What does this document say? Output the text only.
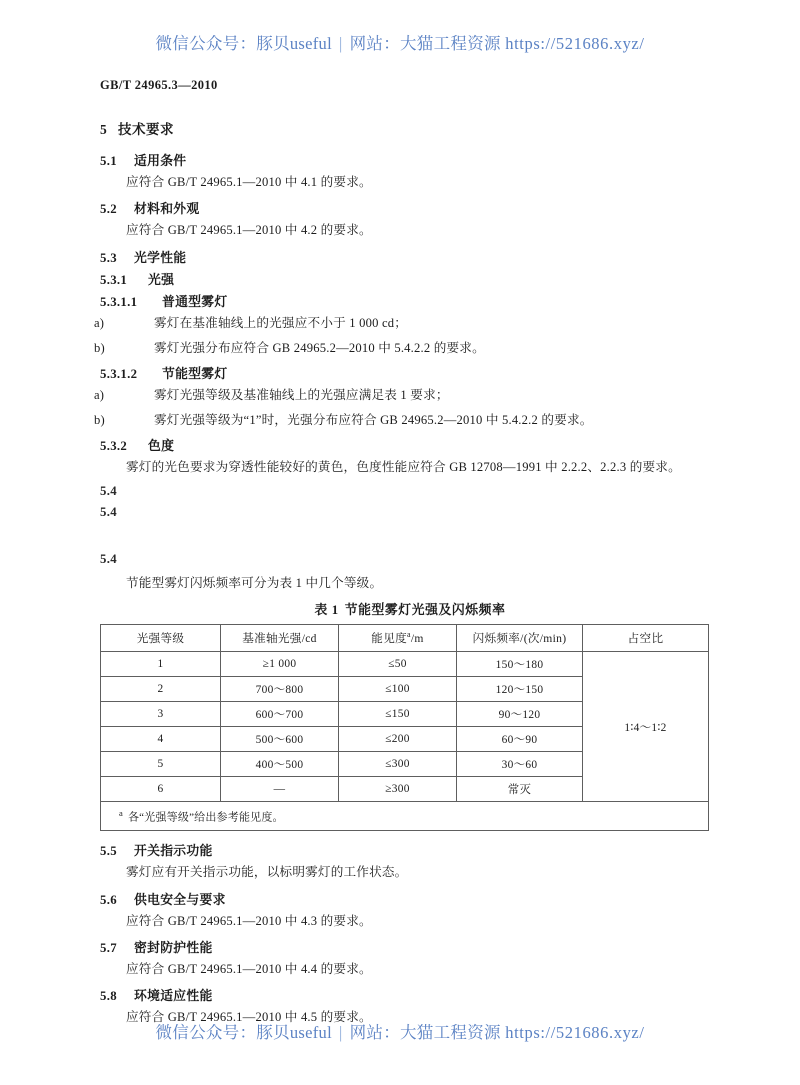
微信公众号：豚贝useful | 网站：大猫工程资源 https://521686.xyz/
GB/T 24965.3—2010
5 技术要求
5.1 适用条件

应符合 GB/T 24965.1—2010 中 4.1 的要求。

5.2 材料和外观

应符合 GB/T 24965.1—2010 中 4.2 的要求。

5.3 光学性能
5.3.1 光强
5.3.1.1 普通型雾灯

a)	雾灯在基准轴线上的光强应不小于 1 000 cd；

b)	雾灯光强分布应符合 GB 24965.2—2010 中 5.4.2.2 的要求。

5.3.1.2 节能型雾灯

a)	雾灯光强等级及基准轴线上的光强应满足表 1 要求；

b)	雾灯光强等级为“1”时，光强分布应符合 GB 24965.2—2010 中 5.4.2.2 的要求。

5.3.2 色度

雾灯的光色要求为穿透性能较好的黄色，色度性能应符合 GB 12708—1991 中 2.2.2、2.2.3 的要求。

5.4
5.4
5.4

节能型雾灯闪烁频率可分为表 1 中几个等级。

表 1 节能型雾灯光强及闪烁频率
光强等级	基准轴光强/cd	能见度$^a$/m	闪烁频率/(次/min)	占空比
1	≥1 000	≤50	150～180	1∶4～1∶2
2	700～800	≤100	120～150	
3	600～700	≤150	90～120	
4	500～600	≤200	60～90	
5	400～500	≤300	30～60	
6	—	≥300	常灭	
$^a$ 各“光强等级”给出参考能见度。				
5.5 开关指示功能

雾灯应有开关指示功能，以标明雾灯的工作状态。

5.6 供电安全与要求

应符合 GB/T 24965.1—2010 中 4.3 的要求。

5.7 密封防护性能

应符合 GB/T 24965.1—2010 中 4.4 的要求。

5.8 环境适应性能

应符合 GB/T 24965.1—2010 中 4.5 的要求。

微信公众号：豚贝useful | 网站：大猫工程资源 https://521686.xyz/
